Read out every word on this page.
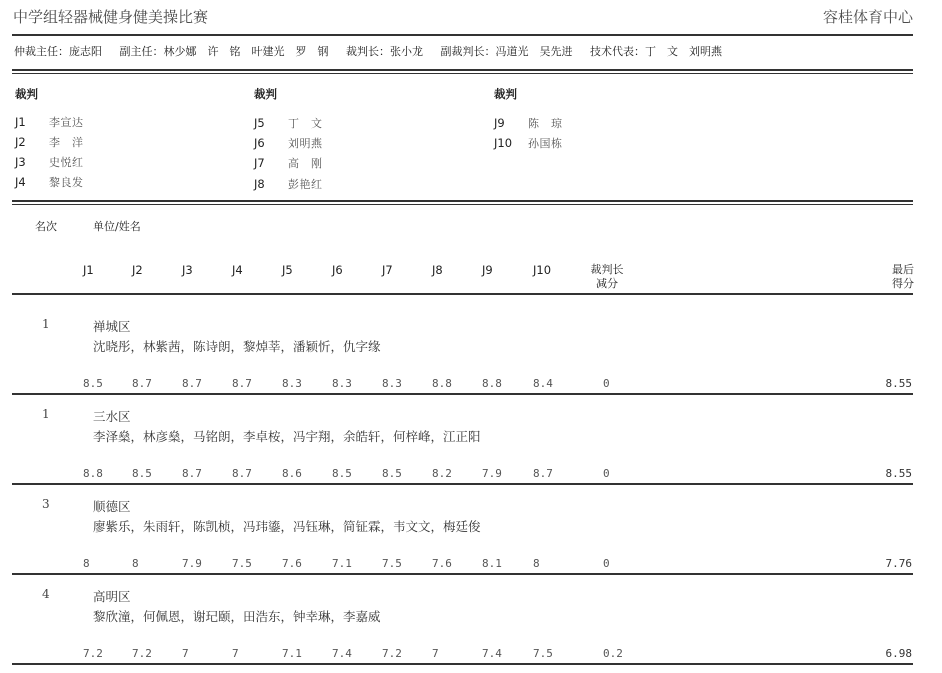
中学组轻器械健身健美操比赛	容桂体育中心
仲裁主任：庞志阳 副主任：林少娜　许　铭　叶建光　罗　钢 裁判长：张小龙 副裁判长：冯道光　吴先进 技术代表：丁　文　刘明燕
裁判	裁判	裁判
J1 李宣达
J2 李　洋
J3 史悦红
J4 黎良发
J5 丁　文
J6 刘明燕
J7 高　刚
J8 彭艳红
J9 陈　琼
J10 孙国栋
名次	单位/姓名
J1	J2	J3	J4	J5	J6	J7	J8	J9	J10	裁判长
减分
最后
得分
1	禅城区
沈晓彤，林紫茜，陈诗朗，黎焯莘，潘颖忻，仇字缘
8.5	8.7	8.7	8.7	8.3	8.3	8.3	8.8	8.8	8.4	0	8.55
1	三水区
李泽燊，林彦燊，马铭朗，李卓桉，冯宇翔，余皓轩，何梓峰，江正阳
8.8	8.5	8.7	8.7	8.6	8.5	8.5	8.2	7.9	8.7	0	8.55
3	顺德区
廖紫乐，朱雨轩，陈凯桢，冯玮鎏，冯钰琳，简钲霖，韦文文，梅廷俊
8	8	7.9	7.5	7.6	7.1	7.5	7.6	8.1	8	0	7.76
4	高明区
黎欣潼，何佩恩，谢玘颐，田浩东，钟幸琳，李嘉威
7.2	7.2	7	7	7.1	7.4	7.2	7	7.4	7.5	0.2	6.98
